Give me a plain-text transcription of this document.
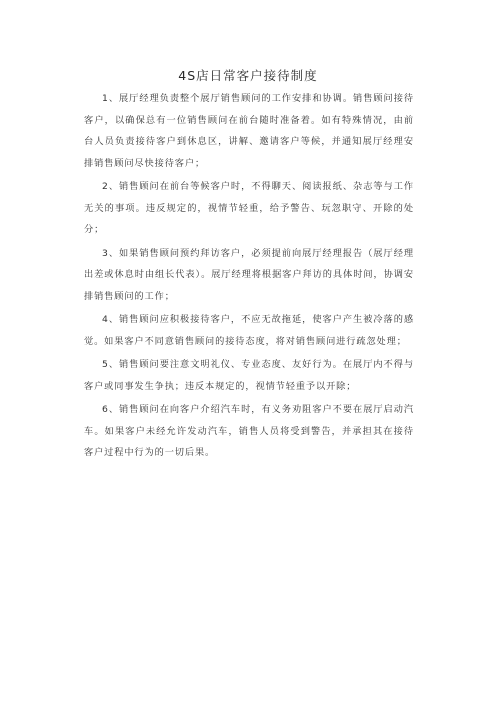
4S店日常客户接待制度

1、展厅经理负责整个展厅销售顾问的工作安排和协调。销售顾问接待客户，以确保总有一位销售顾问在前台随时准备着。如有特殊情况，由前台人员负责接待客户到休息区，讲解、邀请客户等候，并通知展厅经理安排销售顾问尽快接待客户；

2、销售顾问在前台等候客户时，不得聊天、阅读报纸、杂志等与工作无关的事项。违反规定的，视情节轻重，给予警告、玩忽职守、开除的处分；

3、如果销售顾问预约拜访客户，必须提前向展厅经理报告（展厅经理出差或休息时由组长代表）。展厅经理将根据客户拜访的具体时间，协调安排销售顾问的工作；

4、销售顾问应积极接待客户，不应无故拖延，使客户产生被冷落的感觉。如果客户不同意销售顾问的接待态度，将对销售顾问进行疏忽处理；

5、销售顾问要注意文明礼仪、专业态度、友好行为。在展厅内不得与客户或同事发生争执；违反本规定的，视情节轻重予以开除；

6、销售顾问在向客户介绍汽车时，有义务劝阻客户不要在展厅启动汽车。如果客户未经允许发动汽车，销售人员将受到警告，并承担其在接待客户过程中行为的一切后果。
